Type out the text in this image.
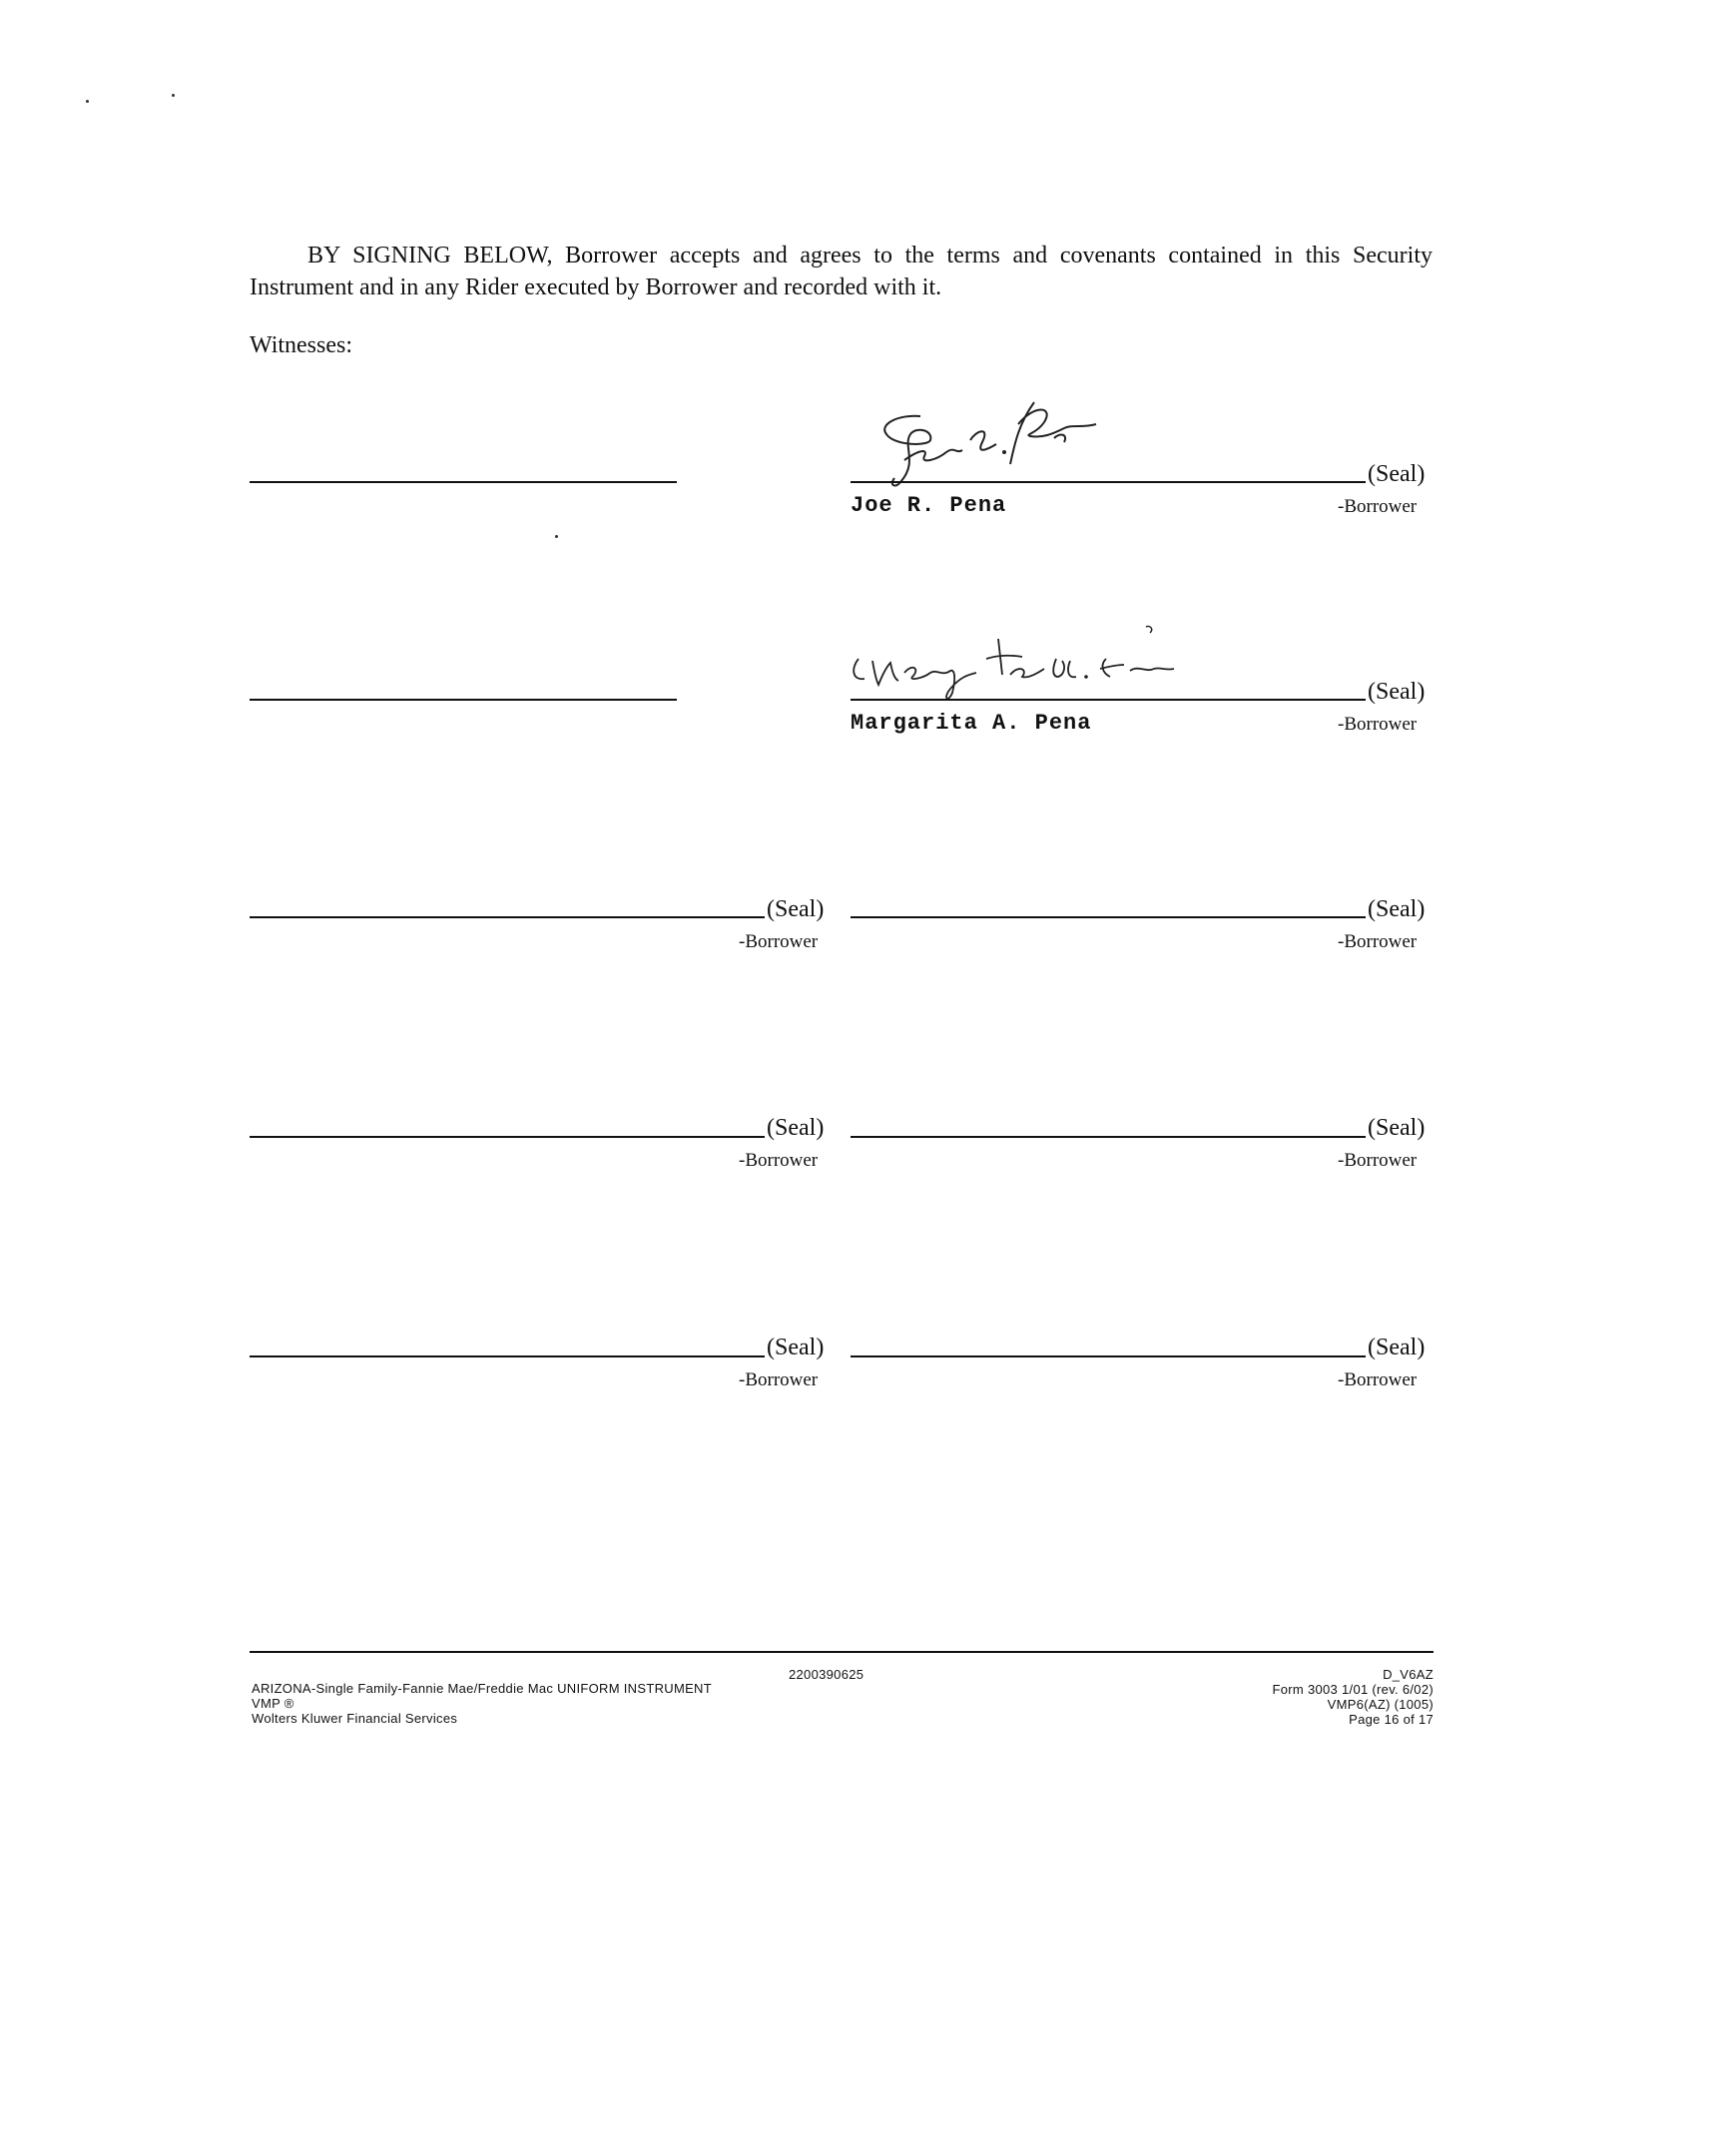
BY SIGNING BELOW, Borrower accepts and agrees to the terms and covenants contained in this Security Instrument and in any Rider executed by Borrower and recorded with it.
Witnesses:
(Seal)
Joe R. Pena	-Borrower
(Seal)
Margarita A. Pena	-Borrower
(Seal)
-Borrower
(Seal)
-Borrower
(Seal)
-Borrower
(Seal)
-Borrower
(Seal)
-Borrower
(Seal)
-Borrower
2200390625
ARIZONA-Single Family-Fannie Mae/Freddie Mac UNIFORM INSTRUMENT
VMP ®
Wolters Kluwer Financial Services
D_V6AZ
Form 3003 1/01 (rev. 6/02)
VMP6(AZ) (1005)
Page 16 of 17
